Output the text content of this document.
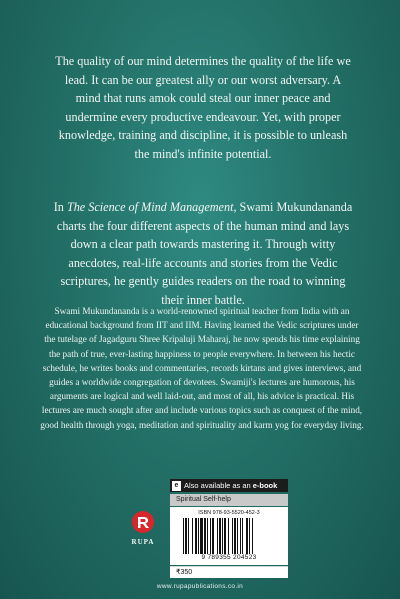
The quality of our mind determines the quality of the life we lead. It can be our greatest ally or our worst adversary. A mind that runs amok could steal our inner peace and undermine every productive endeavour. Yet, with proper knowledge, training and discipline, it is possible to unleash the mind's infinite potential.

In The Science of Mind Management, Swami Mukundananda charts the four different aspects of the human mind and lays down a clear path towards mastering it. Through witty anecdotes, real-life accounts and stories from the Vedic scriptures, he gently guides readers on the road to winning their inner battle.

Swami Mukundananda is a world-renowned spiritual teacher from India with an educational background from IIT and IIM. Having learned the Vedic scriptures under the tutelage of Jagadguru Shree Kripaluji Maharaj, he now spends his time explaining the path of true, ever-lasting happiness to people everywhere. In between his hectic schedule, he writes books and commentaries, records kirtans and gives interviews, and guides a worldwide congregation of devotees. Swamiji's lectures are humorous, his arguments are logical and well laid-out, and most of all, his advice is practical. His lectures are much sought after and include various topics such as conquest of the mind, good health through yoga, meditation and spirituality and karm yog for everyday living.

e Also available as an e-book
Spiritual Self-help
ISBN 978-93-5520-452-3
9 789355 204523
₹350
RUPA
www.rupapublications.co.in
